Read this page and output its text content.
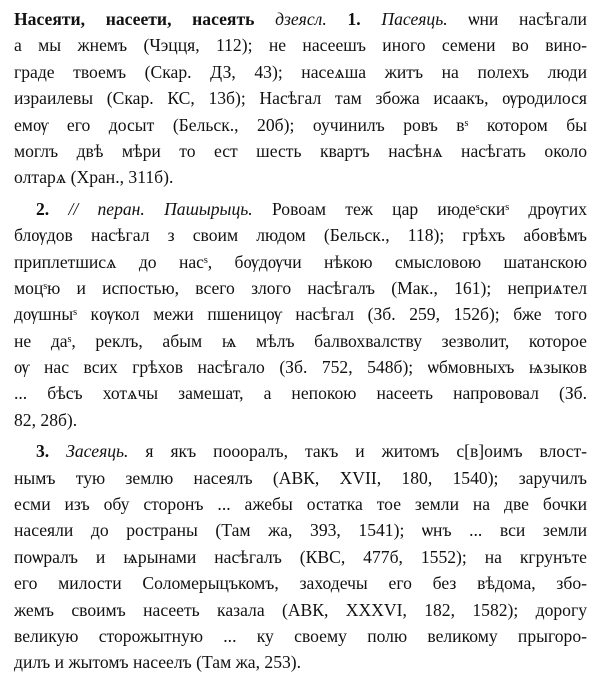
Насеяти, насеети, насеять дзеясл. 1. Пасеяць. ѡни насѣгали
а мы жнемъ (Чэцця, 112); не насеешъ иного семени во вино-
граде твоемъ (Скар. ДЗ, 43); насеѧша житъ на полехъ люди
израилевы (Скар. КС, 13б); Насѣгал там збожа исаакъ, ѹродилося
емѹ его досыт (Бельск., 20б); оучинилъ ровъ вˢ котором бы
моглъ двѣ мѣри то ест шесть квартъ насѣнѧ насѣгать около
олтарѧ (Хран., 311б).
2. // перан. Пашырыць. Ровоам теж цар июдеˢскиˢ дрѹгих
блѹдов насѣгал з своим людом (Бельск., 118); грѣхъ абовѣмъ
приплетшисѧ до насˢ, бѹдѹчи нѣкою смысловою шатанскою
моцˢю и испостью, всего злого насѣгалъ (Мак., 161); неприѧтел
дѹшныˢ кѹкол межи пшеницѹ насѣгал (Зб. 259, 152б); бже того
не даˢ, реклъ, абым ѩ мѣлъ балвохвалству зезволит, которое
ѹ нас всих грѣхов насѣгало (Зб. 752, 548б); ѡбмовныхъ ѩзыков
... бѣсъ хотѧчы замешат, а непокою насееть напрововал (Зб.
82, 28б).
3. Засеяць. я якъ поооралъ, такъ и житомъ с[в]оимъ влост-
нымъ тую землю насеялъ (АВК, XVII, 180, 1540); заручилъ
есми изъ обу сторонъ ... ажебы остатка тое земли на две бочки
насеяли до ространы (Там жа, 393, 1541); ѡнъ ... вси земли
поѡралъ и ѩрынами насѣгалъ (КВС, 477б, 1552); на кгрунъте
его милости Соломерыцъкомъ, заходечы его без вѣдома, збо-
жемъ своимъ насееть казала (АВК, XXXVI, 182, 1582); дорогу
великую сторожытную ... ку своему полю великому прыгоро-
дилъ и жытомъ насеелъ (Там жа, 253).
